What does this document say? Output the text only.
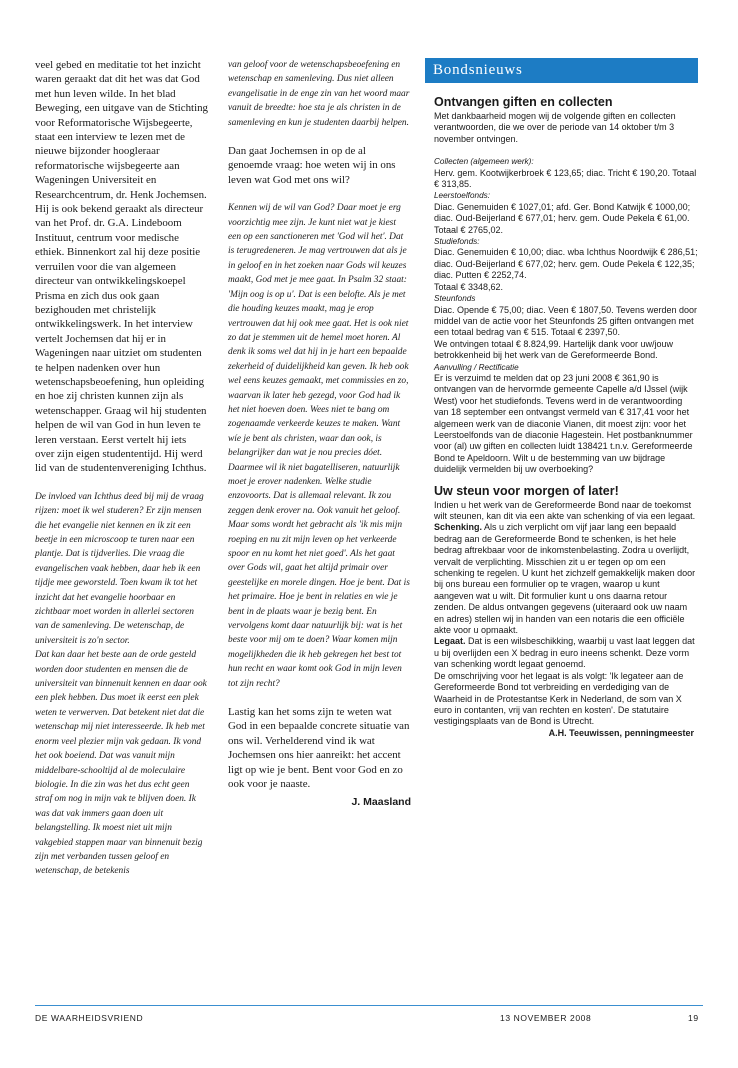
veel gebed en meditatie tot het inzicht waren geraakt dat dit het was dat God met hun leven wilde. In het blad Beweging, een uitgave van de Stichting voor Reformatorische Wijsbegeerte, staat een interview te lezen met de nieuwe bijzonder hoogleraar reformatorische wijsbegeerte aan Wageningen Universiteit en Researchcentrum, dr. Henk Jochemsen. Hij is ook bekend geraakt als directeur van het Prof. dr. G.A. Lindeboom Instituut, centrum voor medische ethiek. Binnenkort zal hij deze positie verruilen voor die van algemeen directeur van ontwikkelingskoepel Prisma en zich dus ook gaan bezighouden met christelijk ontwikkelingswerk. In het interview vertelt Jochemsen dat hij er in Wageningen naar uitziet om studenten te helpen nadenken over hun wetenschapsbeoefening, hun opleiding en hoe zij christen kunnen zijn als wetenschapper. Graag wil hij studenten helpen de wil van God in hun leven te leren verstaan. Eerst vertelt hij iets over zijn eigen studententijd. Hij werd lid van de studentenvereniging Ichthus.

De invloed van Ichthus deed bij mij de vraag rijzen: moet ik wel studeren? Er zijn mensen die het evangelie niet kennen en ik zit een beetje in een microscoop te turen naar een plantje. Dat is tijdverlies. Die vraag die evangelischen vaak hebben, daar heb ik een tijdje mee geworsteld. Toen kwam ik tot het inzicht dat het evangelie hoorbaar en zichtbaar moet worden in allerlei sectoren van de samenleving. De wetenschap, de universiteit is zo'n sector.

Dat kan daar het beste aan de orde gesteld worden door studenten en mensen die de universiteit van binnenuit kennen en daar ook een plek hebben. Dus moet ik eerst een plek weten te verwerven. Dat betekent niet dat die wetenschap mij niet interesseerde. Ik heb met enorm veel plezier mijn vak gedaan. Ik vond het ook boeiend. Dat was vanuit mijn middelbare-schooltijd al de moleculaire biologie. In die zin was het dus echt geen straf om nog in mijn vak te blijven doen. Ik was dat vak immers gaan doen uit belangstelling. Ik moest niet uit mijn vakgebied stappen maar van binnenuit bezig zijn met verbanden tussen geloof en wetenschap, de betekenis

van geloof voor de wetenschapsbeoefening en wetenschap en samenleving. Dus niet alleen evangelisatie in de enge zin van het woord maar vanuit de breedte: hoe sta je als christen in de samenleving en kun je studenten daarbij helpen.

Dan gaat Jochemsen in op de al genoemde vraag: hoe weten wij in ons leven wat God met ons wil?

Kennen wij de wil van God? Daar moet je erg voorzichtig mee zijn. Je kunt niet wat je kiest een op een sanctioneren met 'God wil het'. Dat is terugredeneren. Je mag vertrouwen dat als je in geloof en in het zoeken naar Gods wil keuzes maakt, God met je mee gaat. In Psalm 32 staat: 'Mijn oog is op u'. Dat is een belofte. Als je met die houding keuzes maakt, mag je erop vertrouwen dat hij ook mee gaat. Het is ook niet zo dat je stemmen uit de hemel moet horen. Al denk ik soms wel dat hij in je hart een bepaalde zekerheid of duidelijkheid kan geven. Ik heb ook wel eens keuzes gemaakt, met commissies en zo, waarvan ik later heb gezegd, voor God had ik het niet hoeven doen. Wees niet te bang om zogenaamde verkeerde keuzes te maken. Want wíe je bent als christen, waar dan ook, is belangrijker dan wat je nou precies dóet. Daarmee wil ik niet bagatelliseren, natuurlijk moet je erover nadenken. Welke studie enzovoorts. Dat is allemaal relevant. Ik zou zeggen denk erover na. Ook vanuit het geloof. Maar soms wordt het gebracht als 'ik mis mijn roeping en nu zit mijn leven op het verkeerde spoor en nu komt het niet goed'. Als het gaat over Gods wil, gaat het altijd primair over geestelijke en morele dingen. Hoe je bent. Dat is het primaire. Hoe je bent in relaties en wie je bent in de plaats waar je bezig bent. En vervolgens komt daar natuurlijk bij: wat is het beste voor mij om te doen? Waar komen mijn mogelijkheden die ik heb gekregen het best tot hun recht en waar komt ook God in mijn leven tot zijn recht?

Lastig kan het soms zijn te weten wat God in een bepaalde concrete situatie van ons wil. Verhelderend vind ik wat Jochemsen ons hier aanreikt: het accent ligt op wie je bent. Bent voor God en zo ook voor je naaste.

J. Maasland
Bondsnieuws
Ontvangen giften en collecten

Met dankbaarheid mogen wij de volgende giften en collecten verantwoorden, die we over de periode van 14 oktober t/m 3 november ontvingen.

Collecten (algemeen werk):

Herv. gem. Kootwijkerbroek € 123,65; diac. Tricht € 190,20. Totaal € 313,85.

Leerstoelfonds:

Diac. Genemuiden € 1027,01; afd. Ger. Bond Katwijk € 1000,00; diac. Oud-Beijerland € 677,01; herv. gem. Oude Pekela € 61,00. Totaal € 2765,02.

Studiefonds:

Diac. Genemuiden € 10,00; diac. wba Ichthus Noordwijk € 286,51; diac. Oud-Beijerland € 677,02; herv. gem. Oude Pekela € 122,35; diac. Putten € 2252,74.

Totaal € 3348,62.

Steunfonds

Diac. Opende € 75,00; diac. Veen € 1807,50. Tevens werden door middel van de actie voor het Steunfonds 25 giften ontvangen met een totaal bedrag van € 515. Totaal € 2397,50.

We ontvingen totaal € 8.824,99. Hartelijk dank voor uw/jouw betrokkenheid bij het werk van de Gereformeerde Bond.

Aanvulling / Rectificatie

Er is verzuimd te melden dat op 23 juni 2008 € 361,90 is ontvangen van de hervormde gemeente Capelle a/d IJssel (wijk West) voor het studiefonds. Tevens werd in de verantwoording van 18 september een ontvangst vermeld van € 317,41 voor het algemeen werk van de diaconie Vianen, dit moest zijn: voor het Leerstoelfonds van de diaconie Hagestein. Het postbanknummer voor (al) uw giften en collecten luidt 138421 t.n.v. Gereformeerde Bond te Apeldoorn. Wilt u de bestemming van uw bijdrage duidelijk vermelden bij uw overboeking?

Uw steun voor morgen of later!

Indien u het werk van de Gereformeerde Bond naar de toekomst wilt steunen, kan dit via een akte van schenking of via een legaat.

Schenking. Als u zich verplicht om vijf jaar lang een bepaald bedrag aan de Gereformeerde Bond te schenken, is het hele bedrag aftrekbaar voor de inkomstenbelasting. Zodra u overlijdt, vervalt de verplichting. Misschien zit u er tegen op om een schenking te regelen. U kunt het zichzelf gemakkelijk maken door bij ons bureau een formulier op te vragen, waarop u kunt aangeven wat u wilt. Dit formulier kunt u ons daarna retour zenden. De aldus ontvangen gegevens (uiteraard ook uw naam en adres) stellen wij in handen van een notaris die een officiële akte voor u opmaakt.

Legaat. Dat is een wilsbeschikking, waarbij u vast laat leggen dat u bij overlijden een X bedrag in euro ineens schenkt. Deze vorm van schenking wordt legaat genoemd.

De omschrijving voor het legaat is als volgt: 'Ik legateer aan de Gereformeerde Bond tot verbreiding en verdediging van de Waarheid in de Protestantse Kerk in Nederland, de som van X euro in contanten, vrij van rechten en kosten'. De statutaire vestigingsplaats van de Bond is Utrecht.

A.H. Teeuwissen, penningmeester
DE WAARHEIDSVRIEND	13 NOVEMBER 2008	19
